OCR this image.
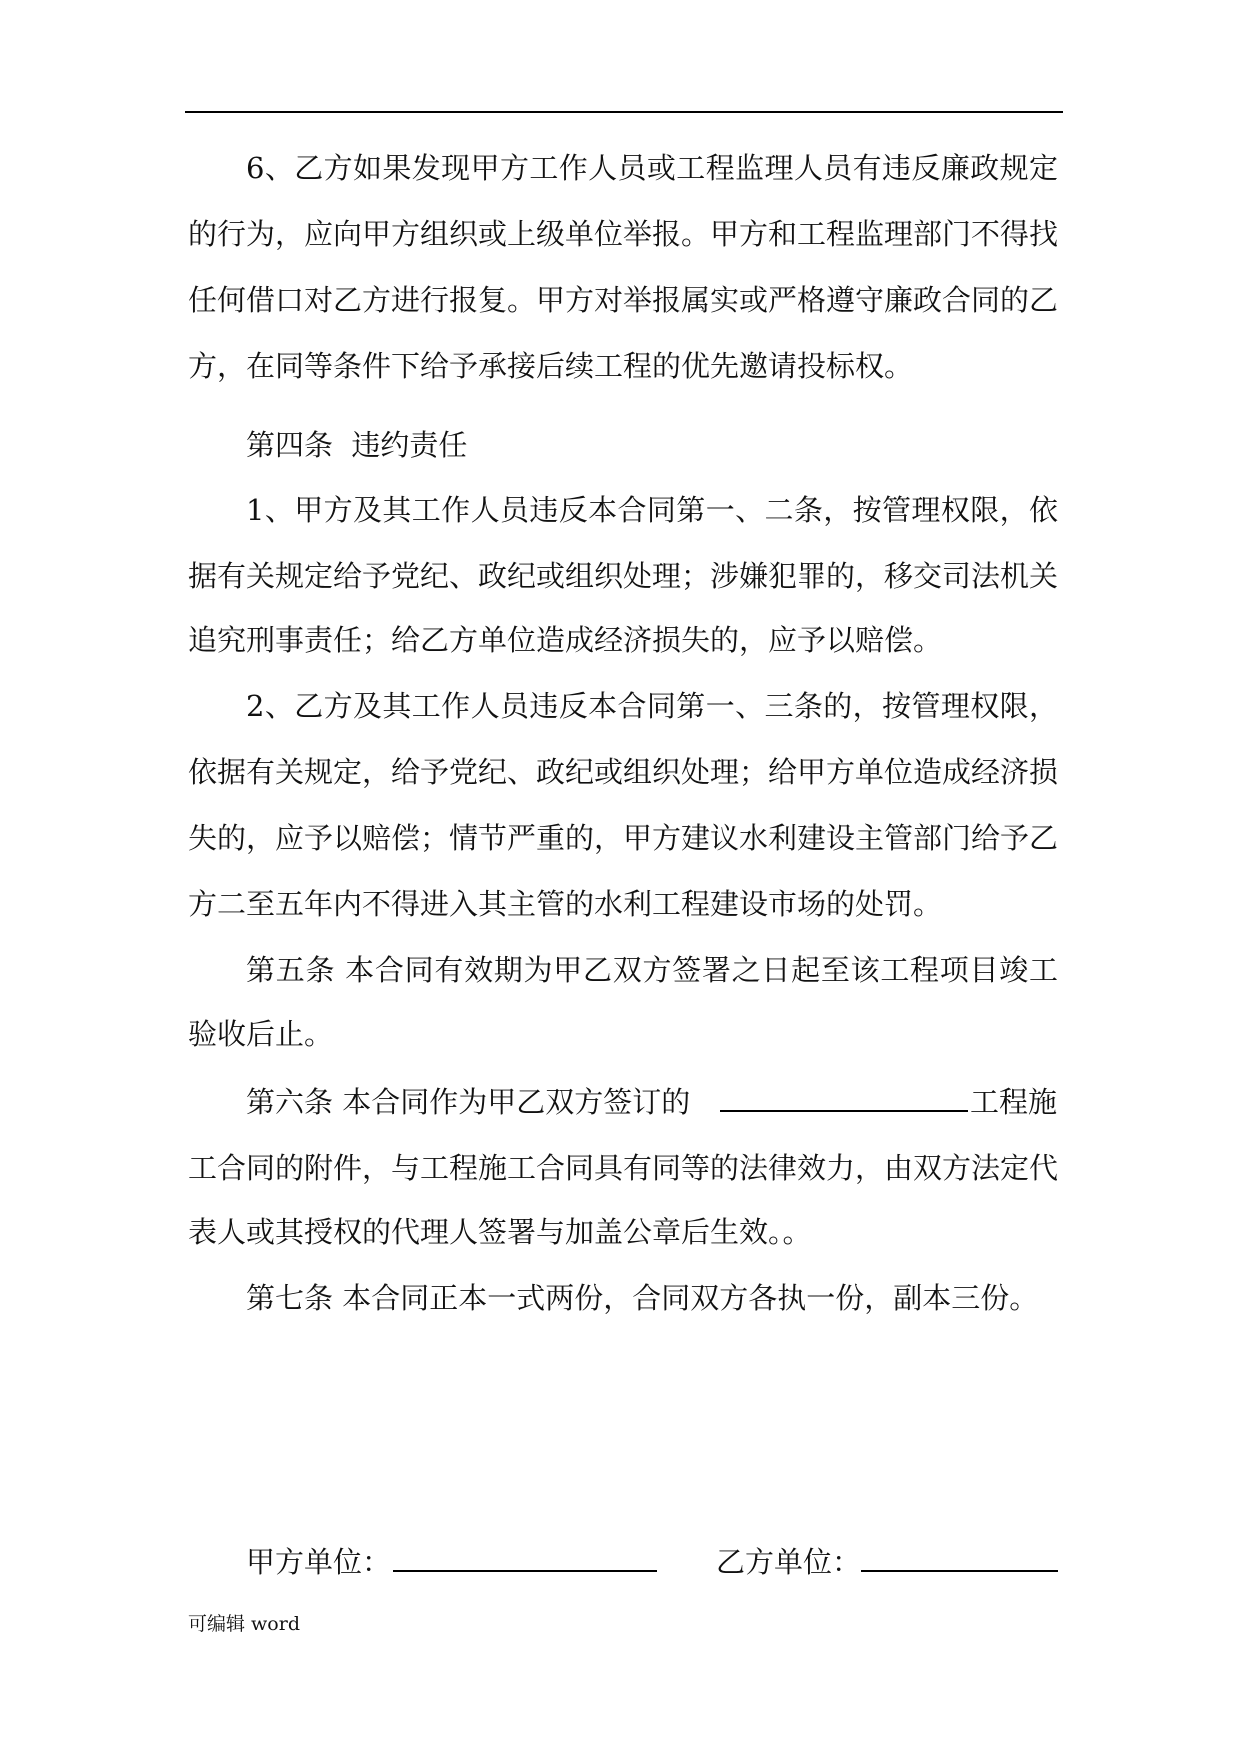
6、乙方如果发现甲方工作人员或工程监理人员有违反廉政规定
的行为，应向甲方组织或上级单位举报。甲方和工程监理部门不得找
任何借口对乙方进行报复。甲方对举报属实或严格遵守廉政合同的乙
方，在同等条件下给予承接后续工程的优先邀请投标权。
第四条  违约责任
1、甲方及其工作人员违反本合同第一、二条，按管理权限，依
据有关规定给予党纪、政纪或组织处理；涉嫌犯罪的，移交司法机关
追究刑事责任；给乙方单位造成经济损失的，应予以赔偿。
2、乙方及其工作人员违反本合同第一、三条的，按管理权限，
依据有关规定，给予党纪、政纪或组织处理；给甲方单位造成经济损
失的，应予以赔偿；情节严重的，甲方建议水利建设主管部门给予乙
方二至五年内不得进入其主管的水利工程建设市场的处罚。
第五条 本合同有效期为甲乙双方签署之日起至该工程项目竣工
验收后止。
第六条 本合同作为甲乙双方签订的	工程施
工合同的附件，与工程施工合同具有同等的法律效力，由双方法定代
表人或其授权的代理人签署与加盖公章后生效。。
第七条 本合同正本一式两份，合同双方各执一份，副本三份。
甲方单位：	乙方单位：
可编辑 word
